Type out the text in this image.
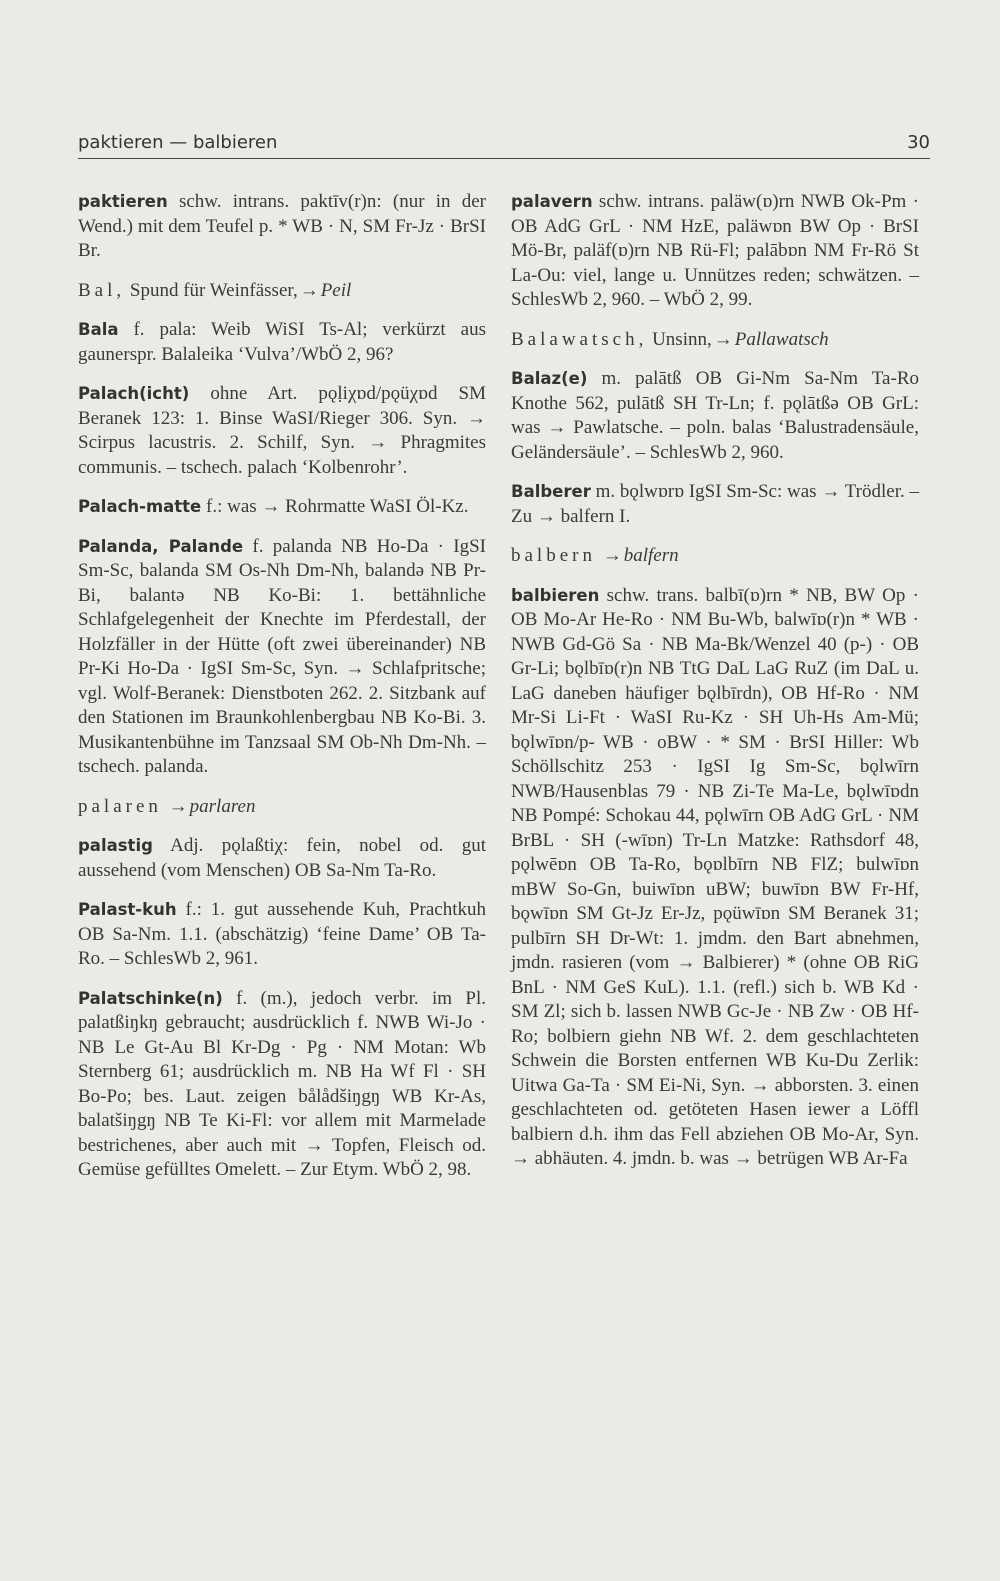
paktieren — balbieren	30

paktieren schw. intrans. paktīv(r)n: (nur in der Wend.) mit dem Teufel p. * WB · N, SM Fr-Jz · BrSI Br.

Bal, Spund für Weinfässer, → Peil

Bala f. pala: Weib WiSI Ts-Al; verkürzt aus gaunerspr. Balaleika ‘Vulva’/WbÖ 2, 96?

Palach(icht) ohne Art. pǫḷiχɒd/pǫüχɒd SM Beranek 123: 1. Binse WaSI/Rieger 306. Syn. → Scirpus lacustris. 2. Schilf, Syn. → Phragmites communis. – tschech. palach ‘Kolbenrohr’.

Palach-matte f.: was → Rohrmatte WaSI Öl-Kz.

Palanda, Palande f. palanda NB Ho-Da · IgSI Sm-Sc, balanda SM Os-Nh Dm-Nh, balandə NB Pr-Bi, balantə NB Ko-Bi: 1. bettähnliche Schlafgelegenheit der Knechte im Pferdestall, der Holzfäller in der Hütte (oft zwei übereinander) NB Pr-Ki Ho-Da · IgSI Sm-Sc, Syn. → Schlafpritsche; vgl. Wolf-Beranek: Dienstboten 262. 2. Sitzbank auf den Stationen im Braunkohlenbergbau NB Ko-Bi. 3. Musikantenbühne im Tanzsaal SM Ob-Nh Dm-Nh. – tschech. palanda.

palaren → parlaren

palastig Adj. pǫlaßtiχ: fein, nobel od. gut aussehend (vom Menschen) OB Sa-Nm Ta-Ro.

Palast-kuh f.: 1. gut aussehende Kuh, Prachtkuh OB Sa-Nm. 1.1. (abschätzig) ‘feine Dame’ OB Ta-Ro. – SchlesWb 2, 961.

Palatschinke(n) f. (m.), jedoch verbr. im Pl. palatßiŋkŋ gebraucht; ausdrücklich f. NWB Wi-Jo · NB Le Gt-Au Bl Kr-Dg · Pg · NM Motan: Wb Sternberg 61; ausdrücklich m. NB Ha Wf Fl · SH Bo-Po; bes. Laut. zeigen bålådšiŋgŋ WB Kr-As, balatšiŋgŋ NB Te Ki-Fl: vor allem mit Marmelade bestrichenes, aber auch mit → Topfen, Fleisch od. Gemüse gefülltes Omelett. – Zur Etym. WbÖ 2, 98.

palavern schw. intrans. paläw(ɒ)rn NWB Ok-Pm · OB AdG GrL · NM HzE, paläwɒn BW Op · BrSI Mö-Br, paläf(ɒ)rn NB Rü-Fl; palābɒn NM Fr-Rö St La-Ou: viel, lange u. Unnützes reden; schwätzen. – SchlesWb 2, 960. – WbÖ 2, 99.

Balawatsch, Unsinn, → Pallawatsch

Balaz(e) m. palātß OB Gi-Nm Sa-Nm Ta-Ro Knothe 562, pulātß SH Tr-Ln; f. pǫlātßə OB GrL: was → Pawlatsche. – poln. balas ‘Balustradensäule, Geländersäule’. – SchlesWb 2, 960.

Balberer m. bǫlwɒrɒ IgSI Sm-Sc: was → Trödler. – Zu → balfern I.

balbern → balfern

balbieren schw. trans. balbī(ɒ)rn * NB, BW Op · OB Mo-Ar He-Ro · NM Bu-Wb, balwīɒ(r)n * WB · NWB Gd-Gö Sa · NB Ma-Bk/Wenzel 40 (p-) · OB Gr-Li; bǫlbīɒ(r)n NB TtG DaL LaG RuZ (im DaL u. LaG daneben häufiger bǫlbīrdn), OB Hf-Ro · NM Mr-Si Li-Ft · WaSI Ru-Kz · SH Uh-Hs Am-Mü; bǫlwīɒn/p- WB · oBW · * SM · BrSI Hiller: Wb Schöllschitz 253 · IgSI Ig Sm-Sc, bǫlwīrn NWB/Hausenblas 79 · NB Zi-Te Ma-Le, bǫlwīɒdn NB Pompé: Schokau 44, pǫlwīrn OB AdG GrL · NM BrBL · SH (-wīɒn) Tr-Ln Matzke: Rathsdorf 48, pǫlwēɒn OB Ta-Ro, bǫɒlbīrn NB FlZ; bulwīɒn mBW So-Gn, buiwīɒn uBW; buwīɒn BW Fr-Hf, bǫwīɒn SM Gt-Jz Er-Jz, pǫüwīɒn SM Beranek 31; pulbīrn SH Dr-Wt: 1. jmdm. den Bart abnehmen, jmdn. rasieren (vom → Balbierer) * (ohne OB RiG BnL · NM GeS KuL). 1.1. (refl.) sich b. WB Kd · SM Zl; sich b. lassen NWB Gc-Je · NB Zw · OB Hf-Ro; bolbiern giehn NB Wf. 2. dem geschlachteten Schwein die Borsten entfernen WB Ku-Du Zerlik: Uitwa Ga-Ta · SM Ei-Ni, Syn. → abborsten. 3. einen geschlachteten od. getöteten Hasen iewer a Löffl balbiern d.h. ihm das Fell abziehen OB Mo-Ar, Syn. → abhäuten. 4. jmdn. b. was → betrügen WB Ar-Fa
